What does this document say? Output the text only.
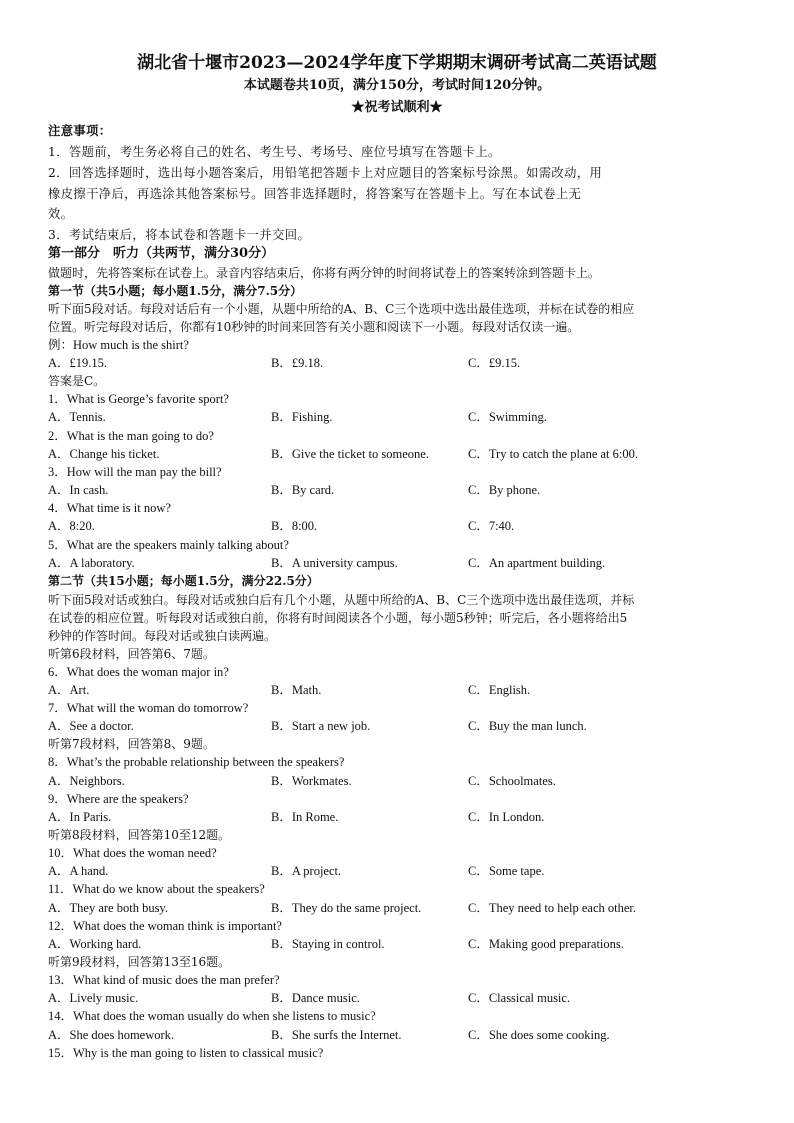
湖北省十堰市2023—2024学年度下学期期末调研考试高二英语试题
本试题卷共10页，满分150分，考试时间120分钟。
★祝考试顺利★
注意事项：
1．答题前，考生务必将自己的姓名、考生号、考场号、座位号填写在答题卡上。
2．回答选择题时，选出每小题答案后，用铅笔把答题卡上对应题目的答案标号涂黑。如需改动，用
橡皮擦干净后，再选涂其他答案标号。回答非选择题时，将答案写在答题卡上。写在本试卷上无
效。
3．考试结束后，将本试卷和答题卡一并交回。
第一部分　听力（共两节，满分30分）
做题时，先将答案标在试卷上。录音内容结束后，你将有两分钟的时间将试卷上的答案转涂到答题卡上。
第一节（共5小题；每小题1.5分，满分7.5分）
听下面5段对话。每段对话后有一个小题，从题中所给的A、B、C三个选项中选出最佳选项，并标在试卷的相应
位置。听完每段对话后，你都有10秒钟的时间来回答有关小题和阅读下一小题。每段对话仅读一遍。
例：How much is the shirt?
A．£19.15.	B．£9.18.	C．£9.15.
答案是C。
1．What is George’s favorite sport?
A．Tennis.	B．Fishing.	C．Swimming.
2．What is the man going to do?
A．Change his ticket.	B．Give the ticket to someone.	C．Try to catch the plane at 6:00.
3．How will the man pay the bill?
A．In cash.	B．By card.	C．By phone.
4．What time is it now?
A．8:20.	B．8:00.	C．7:40.
5．What are the speakers mainly talking about?
A．A laboratory.	B．A university campus.	C．An apartment building.
第二节（共15小题；每小题1.5分，满分22.5分）
听下面5段对话或独白。每段对话或独白后有几个小题，从题中所给的A、B、C三个选项中选出最佳选项，并标
在试卷的相应位置。听每段对话或独白前，你将有时间阅读各个小题，每小题5秒钟；听完后，各小题将给出5
秒钟的作答时间。每段对话或独白读两遍。
听第6段材料，回答第6、7题。
6．What does the woman major in?
A．Art.	B．Math.	C．English.
7．What will the woman do tomorrow?
A．See a doctor.	B．Start a new job.	C．Buy the man lunch.
听第7段材料，回答第8、9题。
8．What’s the probable relationship between the speakers?
A．Neighbors.	B．Workmates.	C．Schoolmates.
9．Where are the speakers?
A．In Paris.	B．In Rome.	C．In London.
听第8段材料，回答第10至12题。
10．What does the woman need?
A．A hand.	B．A project.	C．Some tape.
11．What do we know about the speakers?
A．They are both busy.	B．They do the same project.	C．They need to help each other.
12．What does the woman think is important?
A．Working hard.	B．Staying in control.	C．Making good preparations.
听第9段材料，回答第13至16题。
13．What kind of music does the man prefer?
A．Lively music.	B．Dance music.	C．Classical music.
14．What does the woman usually do when she listens to music?
A．She does homework.	B．She surfs the Internet.	C．She does some cooking.
15．Why is the man going to listen to classical music?
